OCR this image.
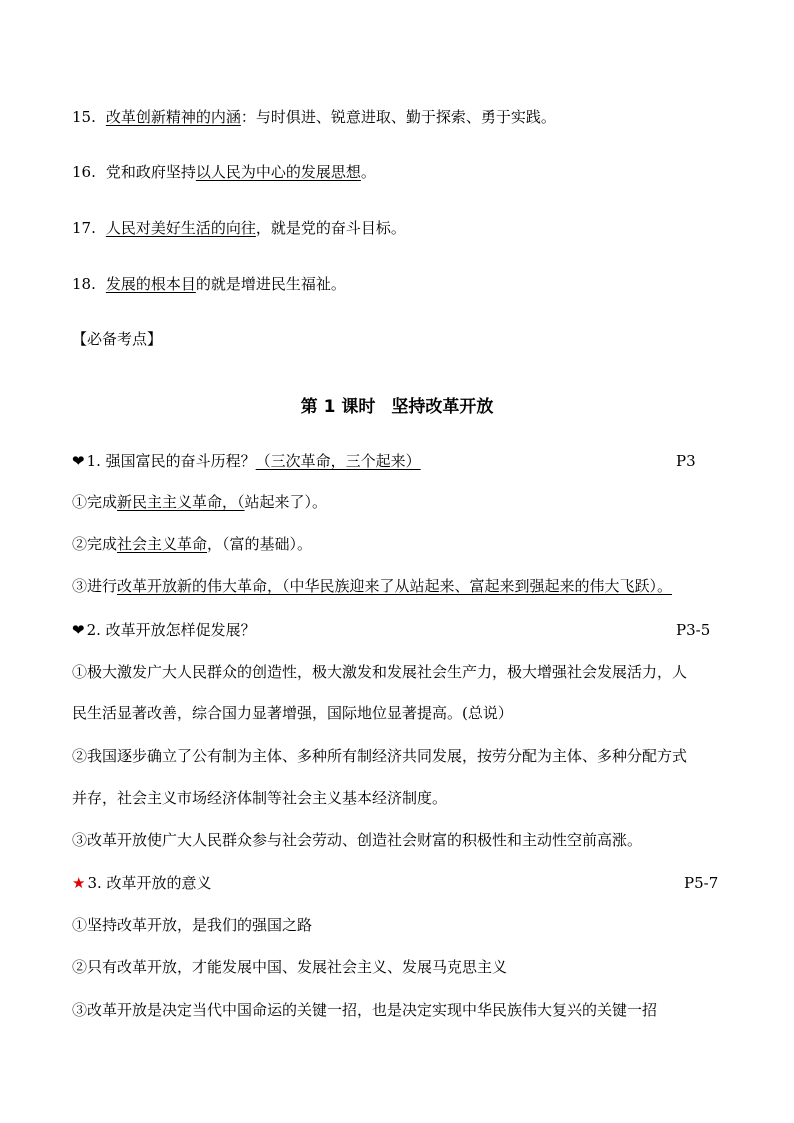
15. 改革创新精神的内涵：与时俱进、锐意进取、勤于探索、勇于实践。
16. 党和政府坚持以人民为中心的发展思想。
17. 人民对美好生活的向往，就是党的奋斗目标。
18. 发展的根本目的就是增进民生福祉。
【必备考点】
第 1 课时 坚持改革开放
❤ 1. 强国富民的奋斗历程？（三次革命，三个起来）	P3
①完成新民主主义革命，（站起来了）。
②完成社会主义革命，（富的基础）。
③进行改革开放新的伟大革命，（中华民族迎来了从站起来、富起来到强起来的伟大飞跃）。
❤ 2. 改革开放怎样促发展？	P3-5
①极大激发广大人民群众的创造性，极大激发和发展社会生产力，极大增强社会发展活力，人
民生活显著改善，综合国力显著增强，国际地位显著提高。(总说）
②我国逐步确立了公有制为主体、多种所有制经济共同发展，按劳分配为主体、多种分配方式
并存，社会主义市场经济体制等社会主义基本经济制度。
③改革开放使广大人民群众参与社会劳动、创造社会财富的积极性和主动性空前高涨。
★ 3. 改革开放的意义	P5-7
①坚持改革开放，是我们的强国之路
②只有改革开放，才能发展中国、发展社会主义、发展马克思主义
③改革开放是决定当代中国命运的关键一招，也是决定实现中华民族伟大复兴的关键一招
